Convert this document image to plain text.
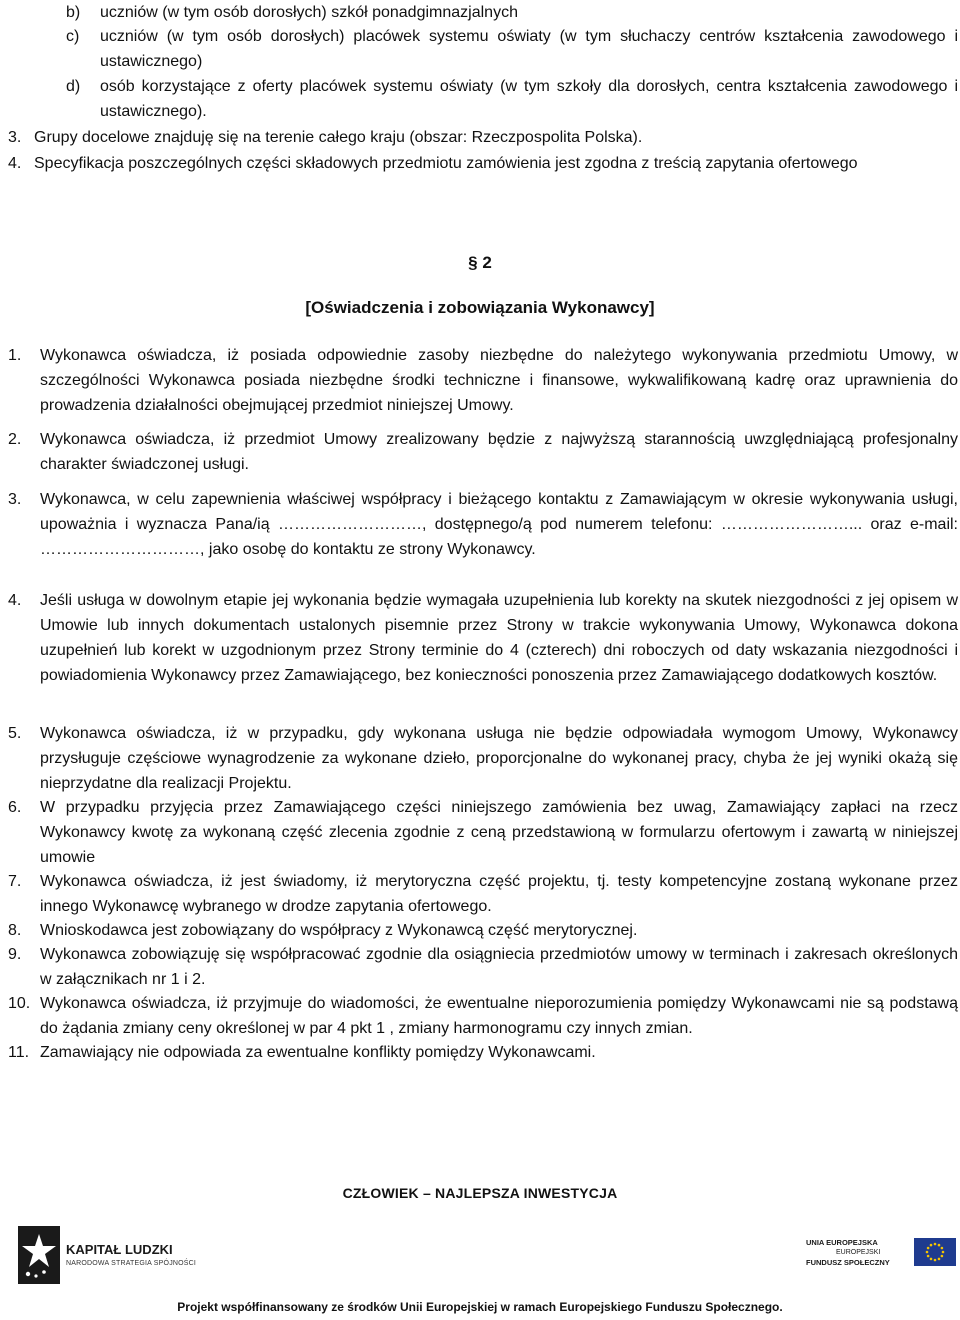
b) uczniów (w tym osób dorosłych) szkół ponadgimnazjalnych
c) uczniów (w tym osób dorosłych) placówek systemu oświaty (w tym słuchaczy centrów kształcenia zawodowego i ustawicznego)
d) osób korzystające z oferty placówek systemu oświaty (w tym szkoły dla dorosłych, centra kształcenia zawodowego i ustawicznego).
3. Grupy docelowe znajduję się na terenie całego kraju (obszar: Rzeczpospolita Polska).
4. Specyfikacja poszczególnych części składowych przedmiotu zamówienia jest zgodna z treścią zapytania ofertowego
§ 2
[Oświadczenia i zobowiązania Wykonawcy]
1. Wykonawca oświadcza, iż posiada odpowiednie zasoby niezbędne do należytego wykonywania przedmiotu Umowy, w szczególności Wykonawca posiada niezbędne środki techniczne i finansowe, wykwalifikowaną kadrę oraz uprawnienia do prowadzenia działalności obejmującej przedmiot niniejszej Umowy.
2. Wykonawca oświadcza, iż przedmiot Umowy zrealizowany będzie z najwyższą starannością uwzględniającą profesjonalny charakter świadczonej usługi.
3. Wykonawca, w celu zapewnienia właściwej współpracy i bieżącego kontaktu z Zamawiającym w okresie wykonywania usługi, upoważnia i wyznacza Pana/ią ………………………, dostępnego/ą pod numerem telefonu: ……………………... oraz e-mail: …………………………, jako osobę do kontaktu ze strony Wykonawcy.
4. Jeśli usługa w dowolnym etapie jej wykonania będzie wymagała uzupełnienia lub korekty na skutek niezgodności z jej opisem w Umowie lub innych dokumentach ustalonych pisemnie przez Strony w trakcie wykonywania Umowy, Wykonawca dokona uzupełnień lub korekt w uzgodnionym przez Strony terminie do 4 (czterech) dni roboczych od daty wskazania niezgodności i powiadomienia Wykonawcy przez Zamawiającego, bez konieczności ponoszenia przez Zamawiającego dodatkowych kosztów.
5. Wykonawca oświadcza, iż w przypadku, gdy wykonana usługa nie będzie odpowiadała wymogom Umowy, Wykonawcy przysługuje częściowe wynagrodzenie za wykonane dzieło, proporcjonalne do wykonanej pracy, chyba że jej wyniki okażą się nieprzydatne dla realizacji Projektu.
6. W przypadku przyjęcia przez Zamawiającego części niniejszego zamówienia bez uwag, Zamawiający zapłaci na rzecz Wykonawcy kwotę za wykonaną część zlecenia zgodnie z ceną przedstawioną w formularzu ofertowym i zawartą w niniejszej umowie
7. Wykonawca oświadcza, iż jest świadomy, iż merytoryczna część projektu, tj. testy kompetencyjne zostaną wykonane przez innego Wykonawcę wybranego w drodze zapytania ofertowego.
8. Wnioskodawca jest zobowiązany do współpracy z Wykonawcą część merytorycznej.
9. Wykonawca zobowiązuję się współpracować zgodnie dla osiągniecia przedmiotów umowy w terminach i zakresach określonych w załącznikach nr 1 i 2.
10. Wykonawca oświadcza, iż przyjmuje do wiadomości, że ewentualne nieporozumienia pomiędzy Wykonawcami nie są podstawą do żądania zmiany ceny określonej w par 4 pkt 1 , zmiany harmonogramu czy innych zmian.
11. Zamawiający nie odpowiada za ewentualne konflikty pomiędzy Wykonawcami.
CZŁOWIEK – NAJLEPSZA INWESTYCJA
KAPITAŁ LUDZKI
NARODOWA STRATEGIA SPÓJNOŚCI
UNIA EUROPEJSKA
EUROPEJSKI
FUNDUSZ SPOŁECZNY
Projekt współfinansowany ze środków Unii Europejskiej w ramach Europejskiego Funduszu Społecznego.
